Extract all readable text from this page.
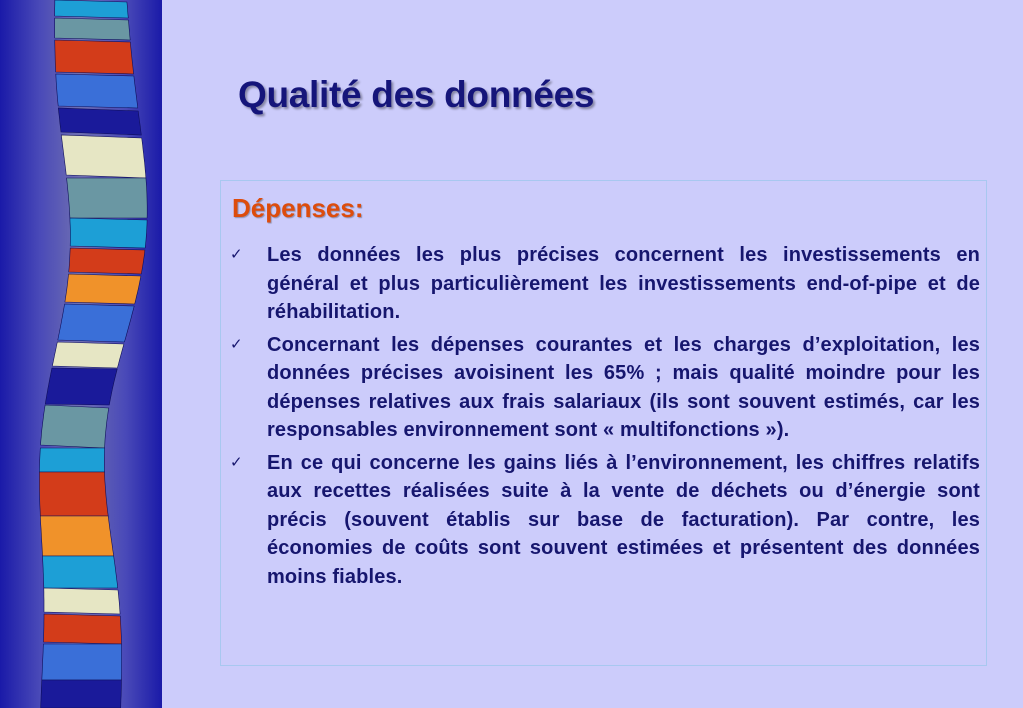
Qualité des données
Dépenses:
✓ Les données les plus précises concernent les investissements en général et plus particulièrement les investissements end-of-pipe et de réhabilitation.
✓ Concernant les dépenses courantes et les charges d’exploitation, les données précises avoisinent les 65% ; mais qualité moindre pour les dépenses relatives aux frais salariaux (ils sont souvent estimés, car les responsables environnement sont « multifonctions »).
✓ En ce qui concerne les gains liés à l’environnement, les chiffres relatifs aux recettes réalisées suite à la vente de déchets ou d’énergie sont précis (souvent établis sur base de facturation). Par contre, les économies de coûts sont souvent estimées et présentent des données moins fiables.
